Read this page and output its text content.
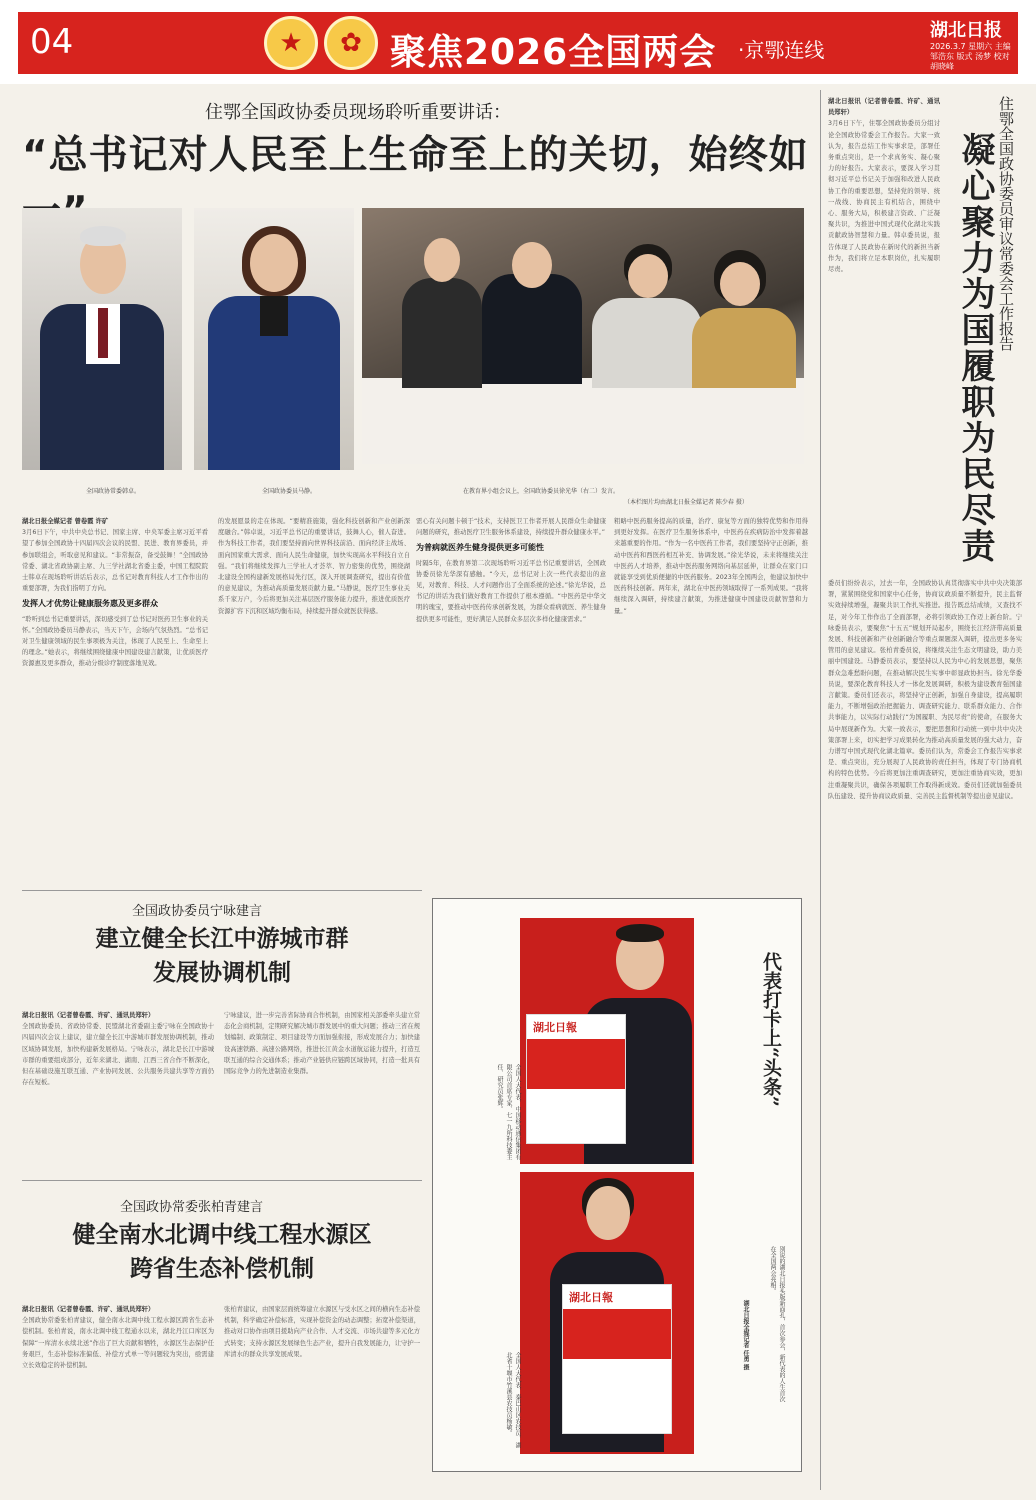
04	★	✿ 聚焦2026全国两会 ·京鄂连线
湖北日报
2026.3.7 星期六 主编 邹浩东 版式 汤梦 校对 胡晓峰
住鄂全国政协委员现场聆听重要讲话：
“总书记对人民至上生命至上的关切，始终如
全国政协常委韩卓。	全国政协委员马静。	在教育界小组会议上，全国政协委员徐光华（右二）发言。
（本栏图片均由湖北日报全媒记者 陈少春 摄）
湖北日报全媒记者 曾卷霞 许矿
3月6日下午，中共中央总书记、国家主席、中央军委主席习近平看望了参加全国政协十四届四次会议的民盟、民进、教育界委员，并参加联组会，听取意见和建议。“非常振奋，备受鼓舞！”全国政协常委、湖北省政协副主席、九三学社湖北省委主委，中国工程院院士韩卓在现场聆听讲话后表示，总书记对教育科技人才工作作出的重要部署，为我们指明了方向。
发挥人才优势让健康服务惠及更多群众
“聆听到总书记重要讲话，深切感受到了总书记对医药卫生事业的关怀。”全国政协委员马静表示，当天下午，会场内气氛热烈。“总书记对卫生健康领域的民生事项极为关注，体现了人民至上、生命至上的理念。”她表示，将继续围绕健康中国建设建言献策，让优质医疗资源惠及更多群众，推动分级诊疗制度落地见效。
的发展愿景的走在体现。“要精准施策，强化科技创新和产业创新深度融合。”韩卓说，习近平总书记的重要讲话，鼓舞人心，催人奋进。作为科技工作者，我们要坚持面向世界科技前沿、面向经济主战场、面向国家重大需求、面向人民生命健康，加快实现高水平科技自立自强。“我们将继续发挥九三学社人才荟萃、智力密集的优势，围绕湖北建设全国构建新发展格局先行区，深入开展调查研究，提出有价值的意见建议，为推动高质量发展贡献力量。”马静说，医疗卫生事业关系千家万户，今后将更加关注基层医疗服务能力提升，推进优质医疗资源扩容下沉和区域均衡布局，持续提升群众就医获得感。
需心有关问题卡顿于“技术，支持医卫工作者开展人民群众生命健康问题的研究，推动医疗卫生服务体系建设，持续提升群众健康水平。”
为普病就医养生健身提供更多可能性
时隔5年，在教育界第二次现场聆听习近平总书记重要讲话，全国政协委员徐光华深有感触。“今天，总书记对上次一些代表提出的意见，对教育、科技、人才问题作出了全面系统的论述。”徐光华说，总书记的讲话为我们做好教育工作提供了根本遵循。“中医药是中华文明的瑰宝，要推动中医药传承创新发展，为群众看病就医、养生健身提供更多可能性，更好满足人民群众多层次多样化健康需求。”
粗略中医药服务提高的质量，治疗、康复等方面的独特优势和作用得到更好发挥。在医疗卫生服务体系中，中医药在疾病防治中发挥着越来越重要的作用。“作为一名中医药工作者，我们要坚持守正创新，推动中医药和西医药相互补充、协调发展。”徐光华说，未来将继续关注中医药人才培养，推动中医药服务网络向基层延伸，让群众在家门口就能享受到优质便捷的中医药服务。2023年全国两会，他建议加快中医药科技创新。两年来，湖北在中医药领域取得了一系列成果。“我将继续深入调研，持续建言献策，为推进健康中国建设贡献智慧和力量。”
全国政协委员宁咏建言
建立健全长江中游城市群
发展协调机制
湖北日报讯（记者曾卷霞、许矿、通讯员郑轩）
全国政协委员、省政协常委、民盟湖北省委副主委宁咏在全国政协十四届四次会议上建议，建立健全长江中游城市群发展协调机制，推动区域协调发展，加快构建新发展格局。宁咏表示，湖北是长江中游城市群的重要组成部分，近年来湖北、湖南、江西三省合作不断深化，但在基础设施互联互通、产业协同发展、公共服务共建共享等方面仍存在短板。
宁咏建议，进一步完善省际协商合作机制，由国家相关部委牵头建立常态化会商机制，定期研究解决城市群发展中的重大问题；推动三省在规划编制、政策制定、项目建设等方面加强衔接，形成发展合力；加快建设高速铁路、高速公路网络，推进长江黄金水道航运能力提升，打造互联互通的综合交通体系；推动产业链供应链跨区域协同，打造一批具有国际竞争力的先进制造业集群。
全国政协常委张柏青建言
健全南水北调中线工程水源区
跨省生态补偿机制
湖北日报讯（记者曾卷霞、许矿、通讯员郑轩）
全国政协常委张柏青建议，健全南水北调中线工程水源区跨省生态补偿机制。张柏青说，南水北调中线工程通水以来，湖北丹江口库区为保障“一库清水永续北送”作出了巨大贡献和牺牲，水源区生态保护任务艰巨，生态补偿标准偏低、补偿方式单一等问题较为突出，亟需建立长效稳定的补偿机制。
张柏青建议，由国家层面统筹建立水源区与受水区之间的横向生态补偿机制，科学确定补偿标准，实现补偿资金的动态调整；拓宽补偿渠道，推动对口协作由项目援助向产业合作、人才交流、市场共建等多元化方式转变；支持水源区发展绿色生态产业，提升自我发展能力，让守护一库清水的群众共享发展成果。
湖北日報
湖北日報
代表打卡上“头条”
全国人大代表、中国移动通信集团有限公司首席专家、七一九所科技委主任、研究员张辉。
全国人大代表、秦巴山区农技员、湖北省十堰市竹溪县农技员杨敏。	别说的湖北日报头版新面孔，首次参会，新代表的人生首次在全国两会亮相。
湖北日报全媒记者 任勇 摄
住鄂全国政协委员审议常委会工作报告
凝心聚力为国履职为民尽责
湖北日报讯（记者曾卷霞、许矿、通讯员郑轩）
3月6日下午，住鄂全国政协委员分组讨论全国政协常委会工作报告。大家一致认为，报告总结工作实事求是，部署任务重点突出，是一个求真务实、凝心聚力的好报告。大家表示，要深入学习贯彻习近平总书记关于加强和改进人民政协工作的重要思想，坚持党的领导、统一战线、协商民主有机结合，围绕中心、服务大局，积极建言资政、广泛凝聚共识，为推进中国式现代化湖北实践贡献政协智慧和力量。韩卓委员说，报告体现了人民政协在新时代的新担当新作为，我们将立足本职岗位，扎实履职尽责。
委员们纷纷表示，过去一年，全国政协认真贯彻落实中共中央决策部署，紧紧围绕党和国家中心任务，协商议政质量不断提升，民主监督实效持续增强，凝聚共识工作扎实推进。报告既总结成绩，又查找不足，对今年工作作出了全面部署，必将引领政协工作迈上新台阶。宁咏委员表示，要聚焦“十五五”规划开局起步，围绕长江经济带高质量发展、科技创新和产业创新融合等重点课题深入调研，提出更多务实管用的意见建议。张柏青委员说，将继续关注生态文明建设，助力美丽中国建设。马静委员表示，要坚持以人民为中心的发展思想，聚焦群众急难愁盼问题，在推动解决民生实事中彰显政协担当。徐光华委员说，要深化教育科技人才一体化发展调研，积极为建设教育强国建言献策。委员们还表示，将坚持守正创新，加强自身建设，提高履职能力，不断增强政治把握能力、调查研究能力、联系群众能力、合作共事能力，以实际行动践行“为国履职、为民尽责”的使命，在服务大局中展现新作为。大家一致表示，要把思想和行动统一到中共中央决策部署上来，切实把学习成果转化为推动高质量发展的强大动力，奋力谱写中国式现代化湖北篇章。委员们认为，常委会工作报告实事求是、重点突出，充分展现了人民政协的责任担当，体现了专门协商机构的特色优势。今后将更加注重调查研究，更加注重协商实效，更加注重凝聚共识，确保各项履职工作取得新成效。委员们还就加强委员队伍建设、提升协商议政质量、完善民主监督机制等提出意见建议。
